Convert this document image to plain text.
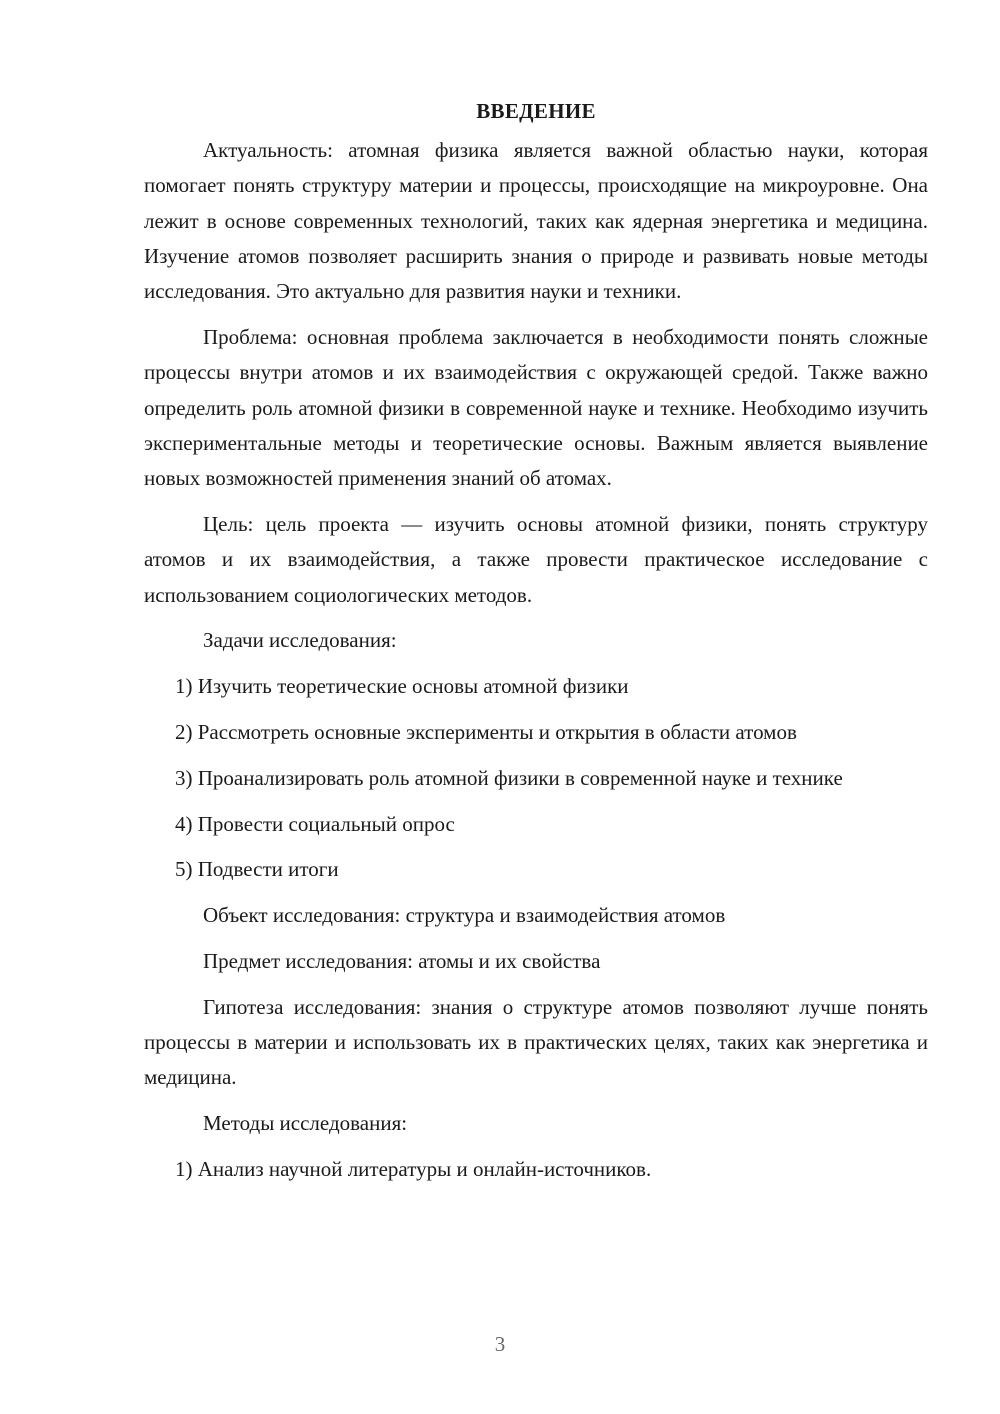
ВВЕДЕНИЕ

Актуальность: атомная физика является важной областью науки, которая помогает понять структуру материи и процессы, происходящие на микроуровне. Она лежит в основе современных технологий, таких как ядерная энергетика и медицина. Изучение атомов позволяет расширить знания о природе и развивать новые методы исследования. Это актуально для развития науки и техники.

Проблема: основная проблема заключается в необходимости понять сложные процессы внутри атомов и их взаимодействия с окружающей средой. Также важно определить роль атомной физики в современной науке и технике. Необходимо изучить экспериментальные методы и теоретические основы. Важным является выявление новых возможностей применения знаний об атомах.

Цель: цель проекта — изучить основы атомной физики, понять структуру атомов и их взаимодействия, а также провести практическое исследование с использованием социологических методов.

Задачи исследования:

1) Изучить теоретические основы атомной физики

2) Рассмотреть основные эксперименты и открытия в области атомов

3) Проанализировать роль атомной физики в современной науке и технике

4) Провести социальный опрос

5) Подвести итоги

Объект исследования: структура и взаимодействия атомов

Предмет исследования: атомы и их свойства

Гипотеза исследования: знания о структуре атомов позволяют лучше понять процессы в материи и использовать их в практических целях, таких как энергетика и медицина.

Методы исследования:

1) Анализ научной литературы и онлайн-источников.

3
